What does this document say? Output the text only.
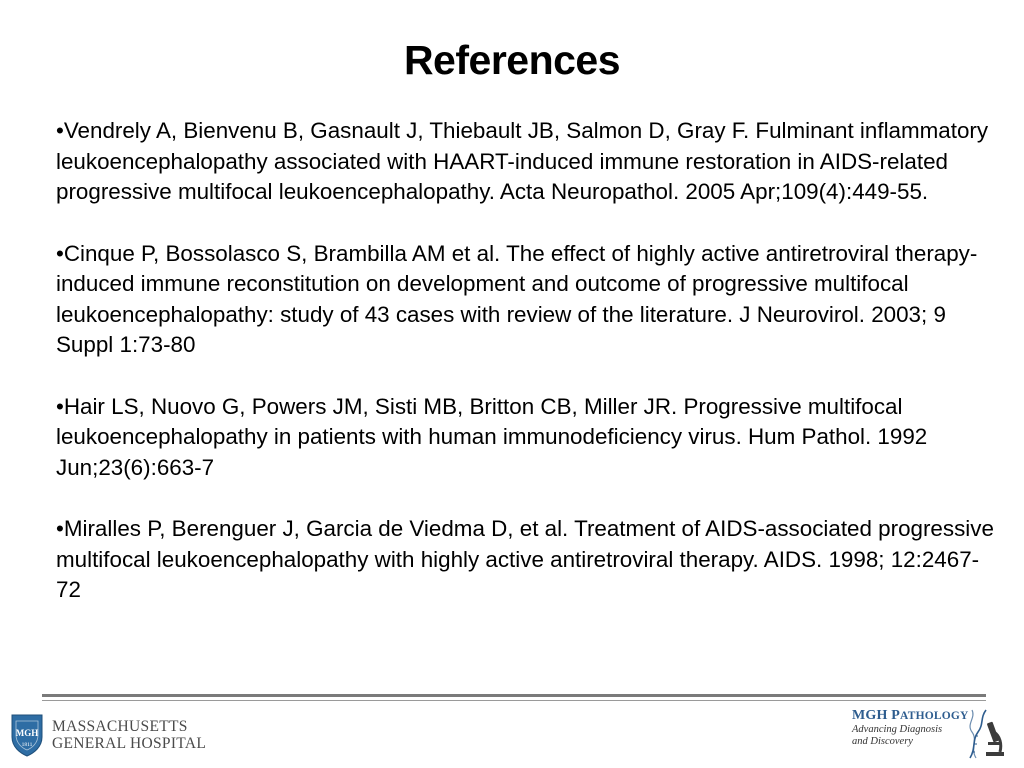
References

•Vendrely A, Bienvenu B, Gasnault J, Thiebault JB, Salmon D, Gray F. Fulminant inflammatory leukoencephalopathy associated with HAART-induced immune restoration in AIDS-related progressive multifocal leukoencephalopathy. Acta Neuropathol. 2005 Apr;109(4):449-55.

•Cinque P, Bossolasco S, Brambilla AM et al. The effect of highly active antiretroviral therapy-induced immune reconstitution on development and outcome of progressive multifocal leukoencephalopathy: study of 43 cases with review of the literature. J Neurovirol. 2003; 9 Suppl 1:73-80

•Hair LS, Nuovo G, Powers JM, Sisti MB, Britton CB, Miller JR. Progressive multifocal leukoencephalopathy in patients with human immunodeficiency virus. Hum Pathol. 1992 Jun;23(6):663-7

•Miralles P, Berenguer J, Garcia de Viedma D, et al. Treatment of AIDS-associated progressive multifocal leukoencephalopathy with highly active antiretroviral therapy. AIDS. 1998; 12:2467-72

MGH
1811
MASSACHUSETTS
GENERAL HOSPITAL
MGH PATHOLOGY
Advancing Diagnosis
and Discovery
